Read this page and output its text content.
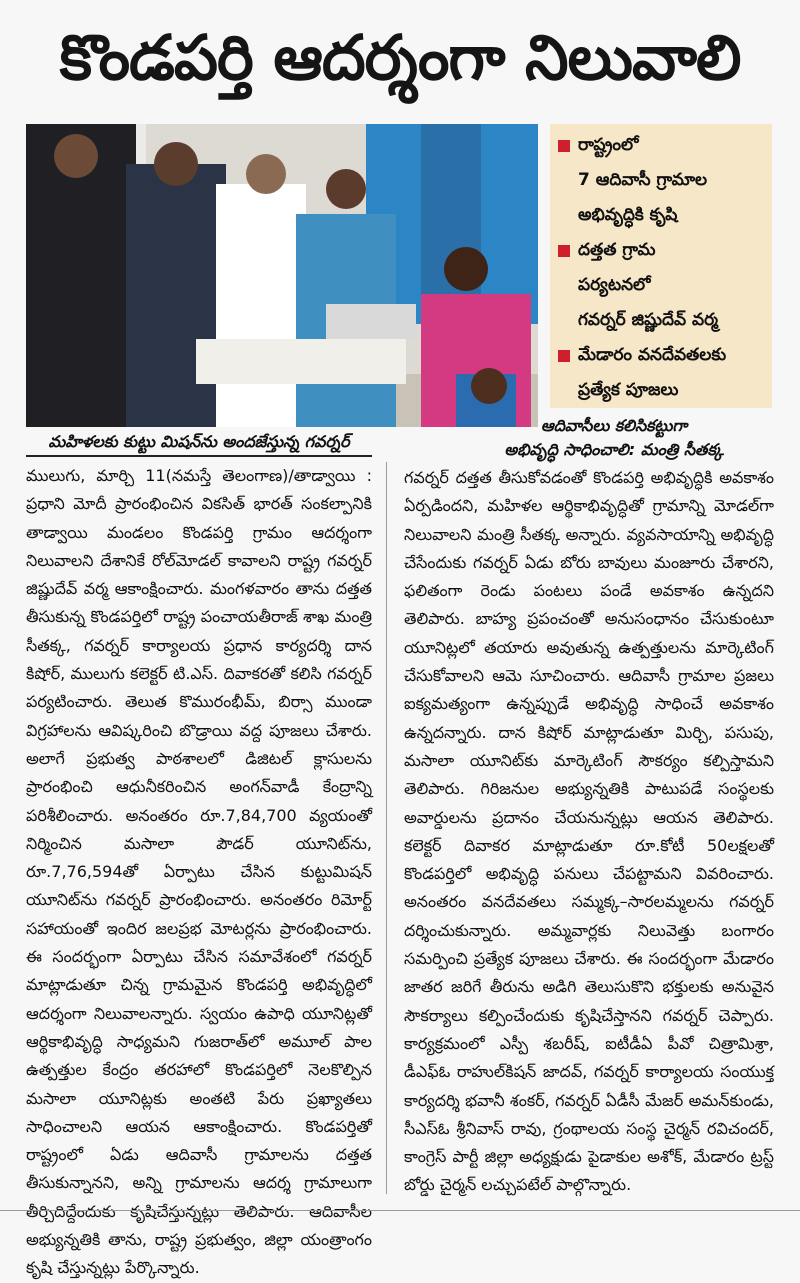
కొండపర్తి ఆదర్శంగా నిలువాలి
రాష్ట్రంలో
7 ఆదివాసీ గ్రామాల
అభివృద్ధికి కృషి
దత్తత గ్రామ
పర్యటనలో
గవర్నర్ జిష్ణుదేవ్ వర్మ
మేడారం వనదేవతలకు
ప్రత్యేక పూజలు
మహిళలకు కుట్టు మిషన్‌ను అందజేస్తున్న గవర్నర్
ఆదివాసీలు కలిసికట్టుగా
అభివృద్ధి సాధించాలి: మంత్రి సీతక్క
ములుగు, మార్చి 11(నమస్తే తెలంగాణ)/తాడ్వాయి : ప్రధాని మోదీ ప్రారంభించిన వికసిత్ భారత్ సంకల్పానికి తాడ్వాయి మండలం కొండపర్తి గ్రామం ఆదర్శంగా నిలువాలని దేశానికే రోల్‌మోడల్ కావాలని రాష్ట్ర గవర్నర్ జిష్ణుదేవ్ వర్మ ఆకాంక్షించారు. మంగళవారం తాను దత్తత తీసుకున్న కొండపర్తిలో రాష్ట్ర పంచాయతీరాజ్ శాఖ మంత్రి సీతక్క, గవర్నర్ కార్యాలయ ప్రధాన కార్యదర్శి దాన కిషోర్, ములుగు కలెక్టర్ టి.ఎస్. దివాకరతో కలిసి గవర్నర్ పర్యటించారు. తెలుత కొమురంభీమ్, బిర్సా ముండా విగ్రహాలను ఆవిష్కరించి బొడ్రాయి వద్ద పూజలు చేశారు. అలాగే ప్రభుత్వ పాఠశాలలో డిజిటల్ క్లాసులను ప్రారంభించి ఆధునీకరించిన అంగన్‌వాడీ కేంద్రాన్ని పరిశీలించారు. అనంతరం రూ.7,84,700 వ్యయంతో నిర్మించిన మసాలా పౌడర్ యూనిట్‌ను, రూ.7,76,594తో ఏర్పాటు చేసిన కుట్టుమిషన్ యూనిట్‌ను గవర్నర్ ప్రారంభించారు. అనంతరం రిమోర్ట్ సహాయంతో ఇందిర జలప్రభ మోటర్లను ప్రారంభించారు. ఈ సందర్భంగా ఏర్పాటు చేసిన సమావేశంలో గవర్నర్ మాట్లాడుతూ చిన్న గ్రామమైన కొండపర్తి అభివృద్ధిలో ఆదర్శంగా నిలువాలన్నారు. స్వయం ఉపాధి యూనిట్లతో ఆర్థికాభివృద్ధి సాధ్యమని గుజరాత్‌లో అమూల్ పాల ఉత్పత్తుల కేంద్రం తరహాలో కొండపర్తిలో నెలకొల్పిన మసాలా యూనిట్లకు అంతటి పేరు ప్రఖ్యాతలు సాధించాలని ఆయన ఆకాంక్షించారు. కొండపర్తితో రాష్ట్రంలో ఏడు ఆదివాసీ గ్రామాలను దత్తత తీసుకున్నానని, అన్ని గ్రామాలను ఆదర్శ గ్రామాలుగా తీర్చిదిద్దేందుకు కృషిచేస్తున్నట్లు తెలిపారు. ఆదివాసీల అభ్యున్నతికి తాను, రాష్ట్ర ప్రభుత్వం, జిల్లా యంత్రాంగం కృషి చేస్తున్నట్లు పేర్కొన్నారు.
గవర్నర్ దత్తత తీసుకోవడంతో కొండపర్తి అభివృద్ధికి అవకాశం ఏర్పడిందని, మహిళల ఆర్థికాభివృద్ధితో గ్రామాన్ని మోడల్‌గా నిలువాలని మంత్రి సీతక్క అన్నారు. వ్యవసాయాన్ని అభివృద్ధి చేసేందుకు గవర్నర్ ఏడు బోరు బావులు మంజూరు చేశారని, ఫలితంగా రెండు పంటలు పండే అవకాశం ఉన్నదని తెలిపారు. బాహ్య ప్రపంచంతో అనుసంధానం చేసుకుంటూ యూనిట్లలో తయారు అవుతున్న ఉత్పత్తులను మార్కెటింగ్ చేసుకోవాలని ఆమె సూచించారు. ఆదివాసీ గ్రామాల ప్రజలు ఐక్యమత్యంగా ఉన్నప్పుడే అభివృద్ధి సాధించే అవకాశం ఉన్నదన్నారు. దాన కిషోర్ మాట్లాడుతూ మిర్చి, పసుపు, మసాలా యూనిట్‌కు మార్కెటింగ్ సౌకర్యం కల్పిస్తామని తెలిపారు. గిరిజనుల అభ్యున్నతికి పాటుపడే సంస్థలకు అవార్డులను ప్రదానం చేయనున్నట్లు ఆయన తెలిపారు. కలెక్టర్ దివాకర మాట్లాడుతూ రూ.కోటీ 50లక్షలతో కొండపర్తిలో అభివృద్ధి పనులు చేపట్టామని వివరించారు. అనంతరం వనదేవతలు సమ్మక్క–సారలమ్మలను గవర్నర్ దర్శించుకున్నారు. అమ్మవార్లకు నిలువెత్తు బంగారం సమర్పించి ప్రత్యేక పూజలు చేశారు. ఈ సందర్భంగా మేడారం జాతర జరిగే తీరును అడిగి తెలుసుకొని భక్తులకు అనువైన సౌకర్యాలు కల్పించేందుకు కృషిచేస్తానని గవర్నర్ చెప్పారు. కార్యక్రమంలో ఎస్పీ శబరీష్, ఐటీడీఏ పీవో చిత్రామిశ్రా, డీఎఫ్‌ఓ రాహుల్‌కిషన్ జాదవ్, గవర్నర్ కార్యాలయ సంయుక్త కార్యదర్శి భవానీ శంకర్, గవర్నర్ ఏడీసీ మేజర్ అమన్‌కుండు, సీఎస్‌ఓ శ్రీనివాస్ రావు, గ్రంథాలయ సంస్థ చైర్మన్ రవిచందర్, కాంగ్రెస్ పార్టీ జిల్లా అధ్యక్షుడు పైడాకుల అశోక్, మేడారం ట్రస్ట్ బోర్డు చైర్మన్ లచ్చుపటేల్ పాల్గొన్నారు.
